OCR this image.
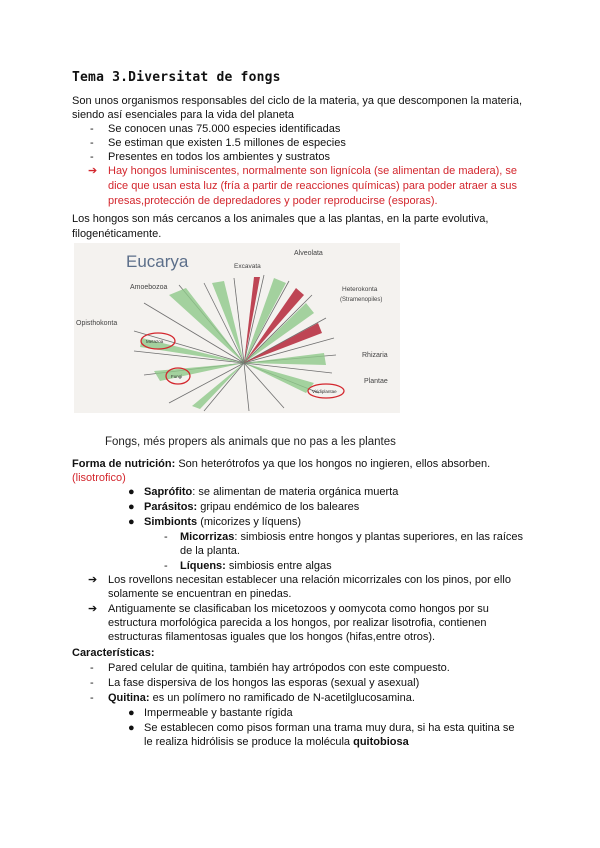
Tema 3.Diversitat de fongs
Son unos organismos responsables del ciclo de la materia, ya que descomponen la materia,
siendo así esenciales para la vida del planeta
- Se conocen unas 75.000 especies identificadas
- Se estiman que existen 1.5 millones de especies
- Presentes en todos los ambientes y sustratos
➔ Hay hongos luminiscentes, normalmente son lignícola (se alimentan de madera), se
dice que usan esta luz (fría a partir de reacciones químicas) para poder atraer a sus
presas,protección de depredadores y poder reproducirse (esporas).
Los hongos son más cercanos a los animales que a las plantas, en la parte evolutiva,
filogenéticamente.
Eucarya	Excavata
Alveolata
Amoebozoa	Heterokonta
(Stramenopiles)
Opisthokonta
Rhizaria
Plantae
Metazoa
Fungi
Viridiplantae
Fongs, més propers als animals que no pas a les plantes
Forma de nutrición: Son heterótrofos ya que los hongos no ingieren, ellos absorben.
(lisotrofico)
● Saprófito: se alimentan de materia orgánica muerta
● Parásitos: gripau endémico de los baleares
● Simbionts (micorizes y líquens)
- Micorrizas: simbiosis entre hongos y plantas superiores, en las raíces
de la planta.
- Líquens: simbiosis entre algas
➔ Los rovellons necesitan establecer una relación micorrizales con los pinos, por ello
solamente se encuentran en pinedas.
➔ Antiguamente se clasificaban los micetozoos y oomycota como hongos por su
estructura morfológica parecida a los hongos, por realizar lisotrofia, contienen
estructuras filamentosas iguales que los hongos (hifas,entre otros).
Características:
- Pared celular de quitina, también hay artrópodos con este compuesto.
- La fase dispersiva de los hongos las esporas (sexual y asexual)
- Quitina: es un polímero no ramificado de N-acetilglucosamina.
● Impermeable y bastante rígida
● Se establecen como pisos forman una trama muy dura, si ha esta quitina se
le realiza hidrólisis se produce la molécula quitobiosa
